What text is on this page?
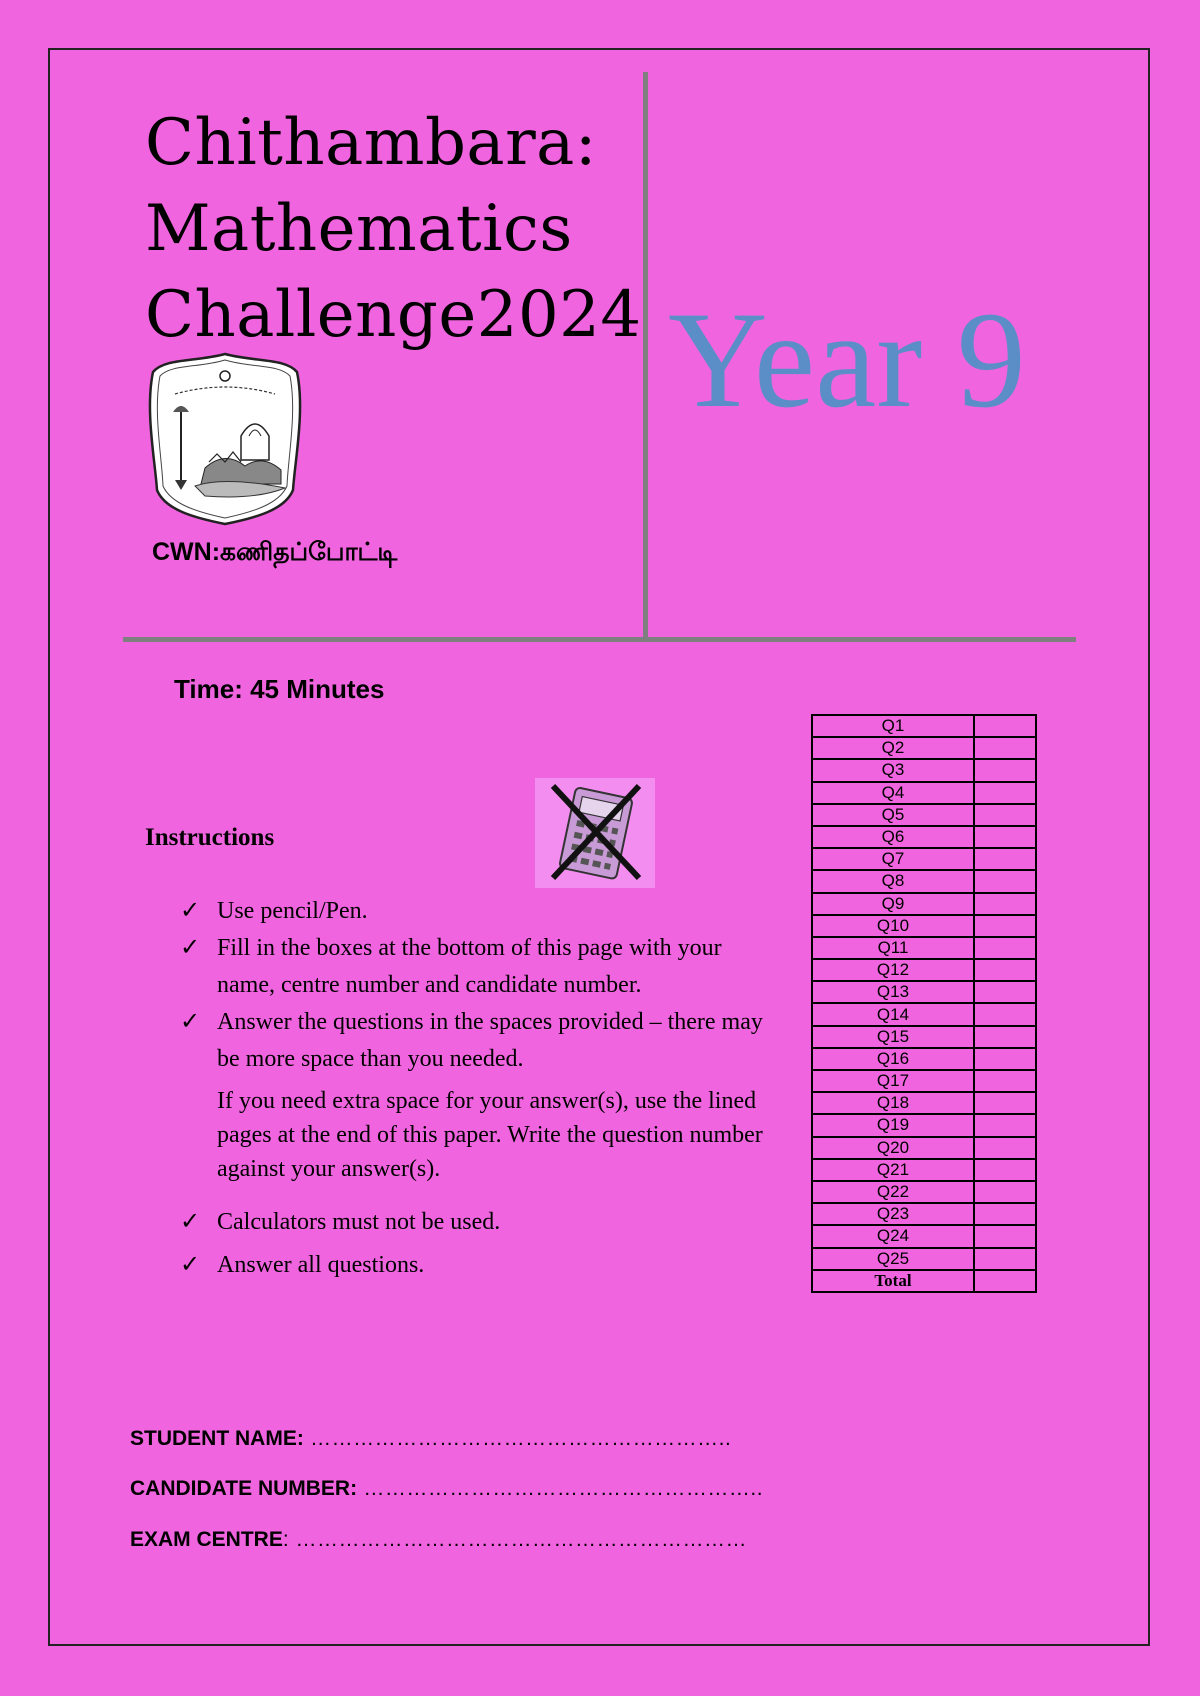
Chithambara:
Mathematics
Challenge2024
CWN:கணிதப்போட்டி
Year 9
Time: 45 Minutes
Instructions
✓ Use pencil/Pen.
✓ Fill in the boxes at the bottom of this page with your name, centre number and candidate number.
✓ Answer the questions in the spaces provided – there may be more space than you needed.
If you need extra space for your answer(s), use the lined pages at the end of this paper. Write the question number against your answer(s).
✓ Calculators must not be used.
✓ Answer all questions.
Q1	
Q2	
Q3	
Q4	
Q5	
Q6	
Q7	
Q8	
Q9	
Q10	
Q11	
Q12	
Q13	
Q14	
Q15	
Q16	
Q17	
Q18	
Q19	
Q20	
Q21	
Q22	
Q23	
Q24	
Q25	
Total	
STUDENT NAME: …………………………………………………..
CANDIDATE NUMBER: ………………………………………………..
EXAM CENTRE: ………………………………………………………
